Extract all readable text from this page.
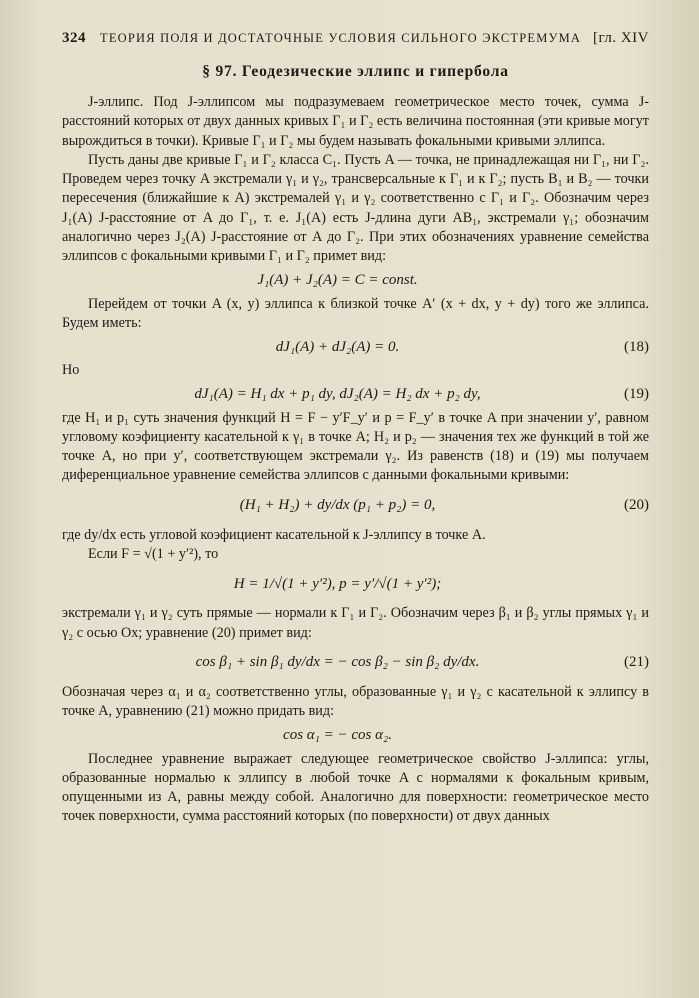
324 ТЕОРИЯ ПОЛЯ И ДОСТАТОЧНЫЕ УСЛОВИЯ СИЛЬНОГО ЭКСТРЕМУМА [гл. XIV
§ 97. Геодезические эллипс и гипербола

J-эллипс. Под J-эллипсом мы подразумеваем геометрическое место точек, сумма J-расстояний которых от двух данных кривых Γ₁ и Γ₂ есть величина постоянная (эти кривые могут вырождиться в точки). Кривые Γ₁ и Γ₂ мы будем называть фокальными кривыми эллипса.

Пусть даны две кривые Γ₁ и Γ₂ класса C₁. Пусть A — точка, не принадлежащая ни Γ₁, ни Γ₂. Проведем через точку A экстремали γ₁ и γ₂, трансверсальные к Γ₁ и к Γ₂; пусть B₁ и B₂ — точки пересечения (ближайшие к A) экстремалей γ₁ и γ₂ соответственно с Γ₁ и Γ₂. Обозначим через J₁(A) J-расстояние от A до Γ₁, т. е. J₁(A) есть J-длина дуги AB₁, экстремали γ₁; обозначим аналогично через J₂(A) J-расстояние от A до Γ₂. При этих обозначениях уравнение семейства эллипсов с фокальными кривыми Γ₁ и Γ₂ примет вид:

J₁(A) + J₂(A) = C = const.

Перейдем от точки A (x, y) эллипса к близкой точке A′ (x + dx, y + dy) того же эллипса. Будем иметь:

dJ₁(A) + dJ₂(A) = 0.	(18)

Но

dJ₁(A) = H₁ dx + p₁ dy, dJ₂(A) = H₂ dx + p₂ dy,	(19)

где H₁ и p₁ суть значения функций H = F − y′F_y′ и p = F_y′ в точке A при значении y′, равном угловому коэфициенту касательной к γ₁ в точке A; H₂ и p₂ — значения тех же функций в той же точке A, но при y′, соответствующем экстремали γ₂. Из равенств (18) и (19) мы получаем диференциальное уравнение семейства эллипсов с данными фокальными кривыми:

(H₁ + H₂) + dy/dx (p₁ + p₂) = 0,	(20)

где dy/dx есть угловой коэфициент касательной к J-эллипсу в точке A.

Если F = √(1 + y′²), то

H = 1/√(1 + y′²), p = y′/√(1 + y′²);

экстремали γ₁ и γ₂ суть прямые — нормали к Γ₁ и Γ₂. Обозначим через β₁ и β₂ углы прямых γ₁ и γ₂ с осью Ox; уравнение (20) примет вид:

cos β₁ + sin β₁ dy/dx = − cos β₂ − sin β₂ dy/dx.	(21)

Обозначая через α₁ и α₂ соответственно углы, образованные γ₁ и γ₂ с касательной к эллипсу в точке A, уравнению (21) можно придать вид:

cos α₁ = − cos α₂.

Последнее уравнение выражает следующее геометрическое свойство J-эллипса: углы, образованные нормалью к эллипсу в любой точке A с нормалями к фокальным кривым, опущенными из A, равны между собой. Аналогично для поверхности: геометрическое место точек поверхности, сумма расстояний которых (по поверхности) от двух данных
